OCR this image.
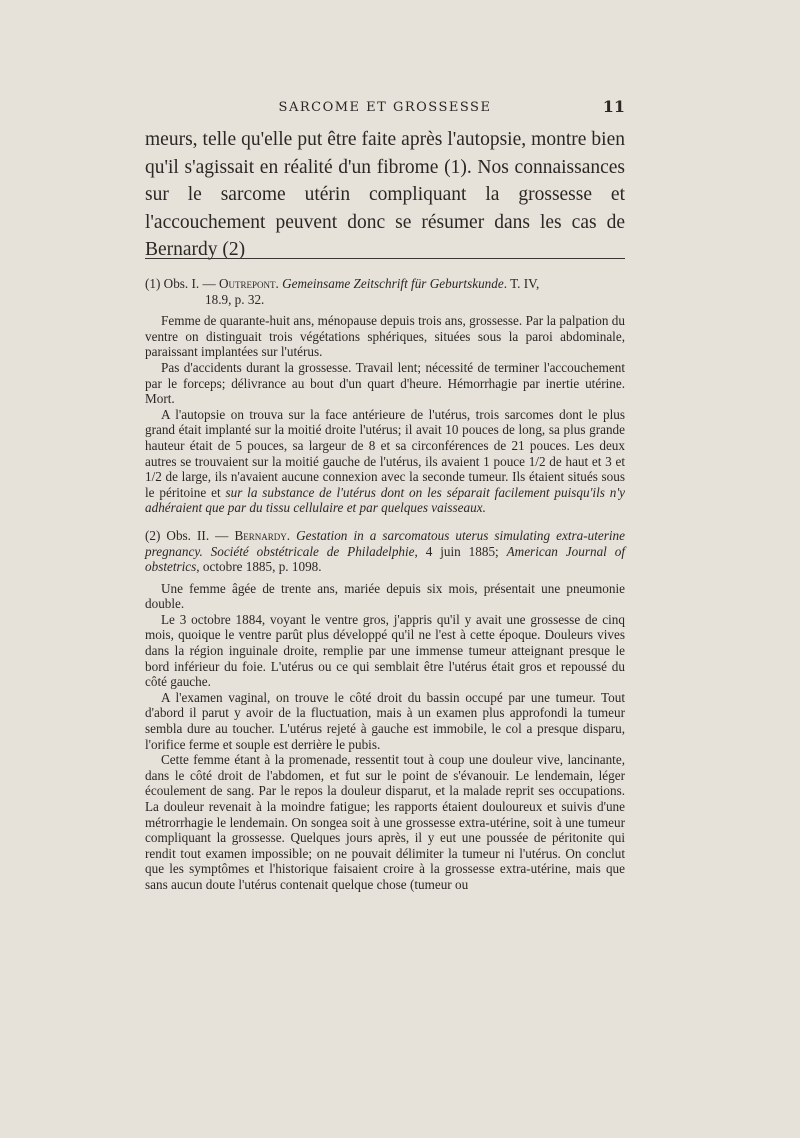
SARCOME ET GROSSESSE	11

meurs, telle qu'elle put être faite après l'autopsie, montre bien qu'il s'agissait en réalité d'un fibrome (1). Nos connaissances sur le sarcome utérin compliquant la grossesse et l'accouchement peuvent donc se résumer dans les cas de Bernardy (2)

(1) Obs. I. — Outrepont. Gemeinsame Zeitschrift für Geburtskunde. T. IV,

18.9, p. 32.

Femme de quarante-huit ans, ménopause depuis trois ans, grossesse. Par la palpation du ventre on distinguait trois végétations sphériques, situées sous la paroi abdominale, paraissant implantées sur l'utérus.

Pas d'accidents durant la grossesse. Travail lent; nécessité de terminer l'accouchement par le forceps; délivrance au bout d'un quart d'heure. Hémorrhagie par inertie utérine. Mort.

A l'autopsie on trouva sur la face antérieure de l'utérus, trois sarcomes dont le plus grand était implanté sur la moitié droite l'utérus; il avait 10 pouces de long, sa plus grande hauteur était de 5 pouces, sa largeur de 8 et sa circonférences de 21 pouces. Les deux autres se trouvaient sur la moitié gauche de l'utérus, ils avaient 1 pouce 1/2 de haut et 3 et 1/2 de large, ils n'avaient aucune connexion avec la seconde tumeur. Ils étaient situés sous le péritoine et sur la substance de l'utérus dont on les séparait facilement puisqu'ils n'y adhéraient que par du tissu cellulaire et par quelques vaisseaux.

(2) Obs. II. — Bernardy. Gestation in a sarcomatous uterus simulating extra-uterine pregnancy. Société obstétricale de Philadelphie, 4 juin 1885; American Journal of obstetrics, octobre 1885, p. 1098.

Une femme âgée de trente ans, mariée depuis six mois, présentait une pneumonie double.

Le 3 octobre 1884, voyant le ventre gros, j'appris qu'il y avait une grossesse de cinq mois, quoique le ventre parût plus développé qu'il ne l'est à cette époque. Douleurs vives dans la région inguinale droite, remplie par une immense tumeur atteignant presque le bord inférieur du foie. L'utérus ou ce qui semblait être l'utérus était gros et repoussé du côté gauche.

A l'examen vaginal, on trouve le côté droit du bassin occupé par une tumeur. Tout d'abord il parut y avoir de la fluctuation, mais à un examen plus approfondi la tumeur sembla dure au toucher. L'utérus rejeté à gauche est immobile, le col a presque disparu, l'orifice ferme et souple est derrière le pubis.

Cette femme étant à la promenade, ressentit tout à coup une douleur vive, lancinante, dans le côté droit de l'abdomen, et fut sur le point de s'évanouir. Le lendemain, léger écoulement de sang. Par le repos la douleur disparut, et la malade reprit ses occupations. La douleur revenait à la moindre fatigue; les rapports étaient douloureux et suivis d'une métrorrhagie le lendemain. On songea soit à une grossesse extra-utérine, soit à une tumeur compliquant la grossesse. Quelques jours après, il y eut une poussée de péritonite qui rendit tout examen impossible; on ne pouvait délimiter la tumeur ni l'utérus. On conclut que les symptômes et l'historique faisaient croire à la grossesse extra-utérine, mais que sans aucun doute l'utérus contenait quelque chose (tumeur ou
